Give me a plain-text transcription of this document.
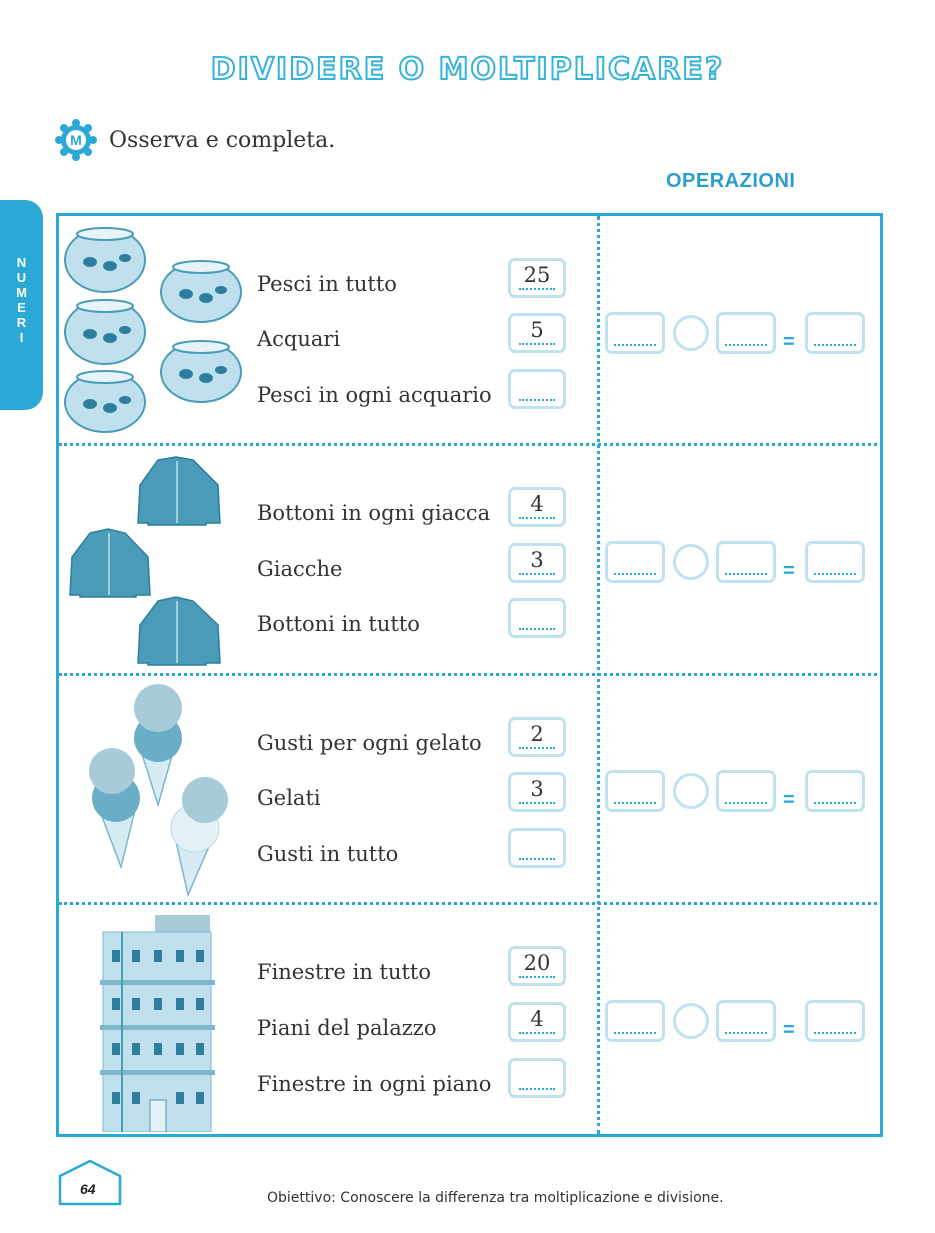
DIVIDERE O MOLTIPLICARE?
M Osserva e completa.
OPERAZIONI
N
U
M
E
R
I
Pesci in tutto	25
Acquari	5
Pesci in ogni acquario
Bottoni in ogni giacca	4
Giacche	3
Bottoni in tutto
Gusti per ogni gelato	2
Gelati	3
Gusti in tutto
Finestre in tutto	20
Piani del palazzo	4
Finestre in ogni piano
=
=
=
=
64
Obiettivo: Conoscere la differenza tra moltiplicazione e divisione.
